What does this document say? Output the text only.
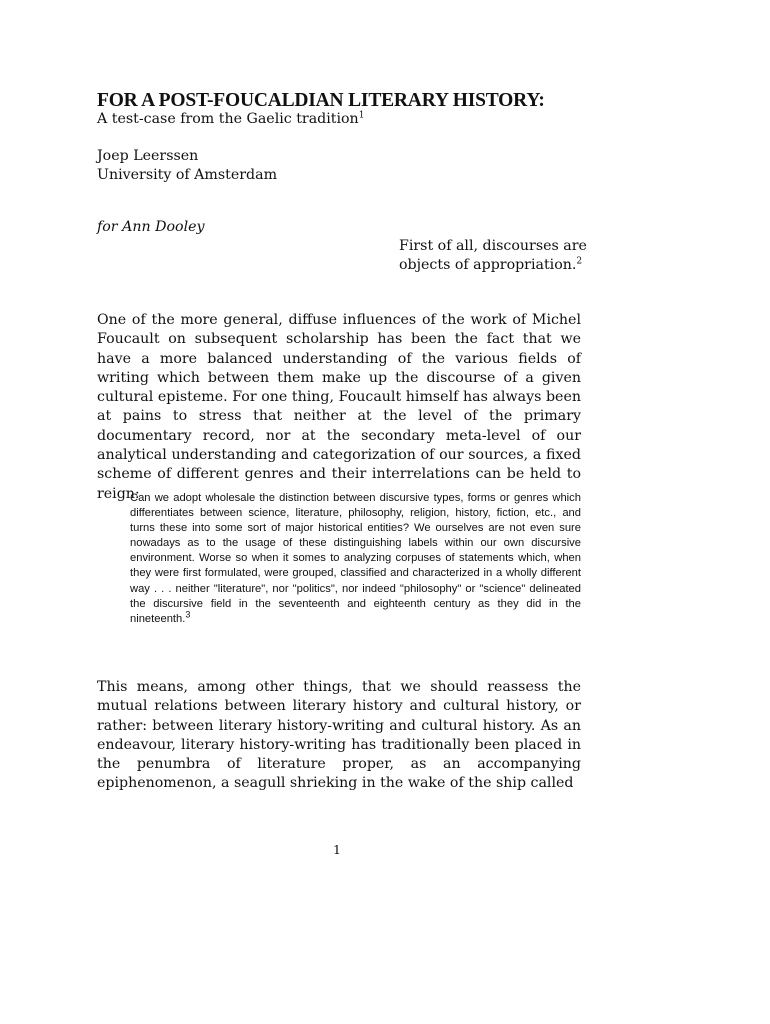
FOR A POST-FOUCALDIAN LITERARY HISTORY:
A test-case from the Gaelic tradition$^1$
Joep Leerssen
University of Amsterdam
for Ann Dooley
First of all, discourses are
objects of appropriation.$^2$

One of the more general, diffuse influences of the work of Michel Foucault on subsequent scholarship has been the fact that we have a more balanced understanding of the various fields of writing which between them make up the discourse of a given cultural episteme. For one thing, Foucault himself has always been at pains to stress that neither at the level of the primary documentary record, nor at the secondary meta-level of our analytical understanding and categorization of our sources, a fixed scheme of different genres and their interrelations can be held to reign:

Can we adopt wholesale the distinction between discursive types, forms or genres which differentiates between science, literature, philosophy, religion, history, fiction, etc., and turns these into some sort of major historical entities? We ourselves are not even sure nowadays as to the usage of these distinguishing labels within our own discursive environment. Worse so when it somes to analyzing corpuses of statements which, when they were first formulated, were grouped, classified and characterized in a wholly different way . . . neither "literature", nor "politics", nor indeed "philosophy" or "science" delineated the discursive field in the seventeenth and eighteenth century as they did in the nineteenth.$^3$

This means, among other things, that we should reassess the mutual relations between literary history and cultural history, or rather: between literary history-writing and cultural history. As an endeavour, literary history-writing has traditionally been placed in the penumbra of literature proper, as an accompanying epiphenomenon, a seagull shrieking in the wake of the ship called

1
